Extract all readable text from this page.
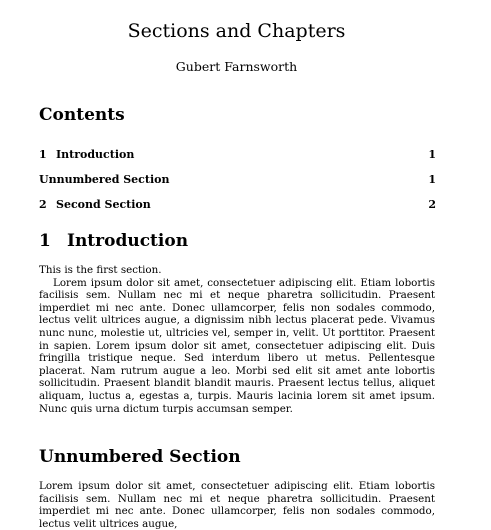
Sections and Chapters
Gubert Farnsworth
Contents
1 Introduction	1
Unnumbered Section	1
2 Second Section	2
1 Introduction

This is the first section.

Lorem ipsum dolor sit amet, consectetuer adipiscing elit. Etiam lobortis facilisis sem. Nullam nec mi et neque pharetra sollicitudin. Praesent imperdiet mi nec ante. Donec ullamcorper, felis non sodales commodo, lectus velit ultrices augue, a dignissim nibh lectus placerat pede. Vivamus nunc nunc, molestie ut, ultricies vel, semper in, velit. Ut porttitor. Praesent in sapien. Lorem ipsum dolor sit amet, consectetuer adipiscing elit. Duis fringilla tristique neque. Sed interdum libero ut metus. Pellentesque placerat. Nam rutrum augue a leo. Morbi sed elit sit amet ante lobortis sollicitudin. Praesent blandit blandit mauris. Praesent lectus tellus, aliquet aliquam, luctus a, egestas a, turpis. Mauris lacinia lorem sit amet ipsum. Nunc quis urna dictum turpis accumsan semper.

Unnumbered Section

Lorem ipsum dolor sit amet, consectetuer adipiscing elit. Etiam lobortis facilisis sem. Nullam nec mi et neque pharetra sollicitudin. Praesent imperdiet mi nec ante. Donec ullamcorper, felis non sodales commodo, lectus velit ultrices augue,
